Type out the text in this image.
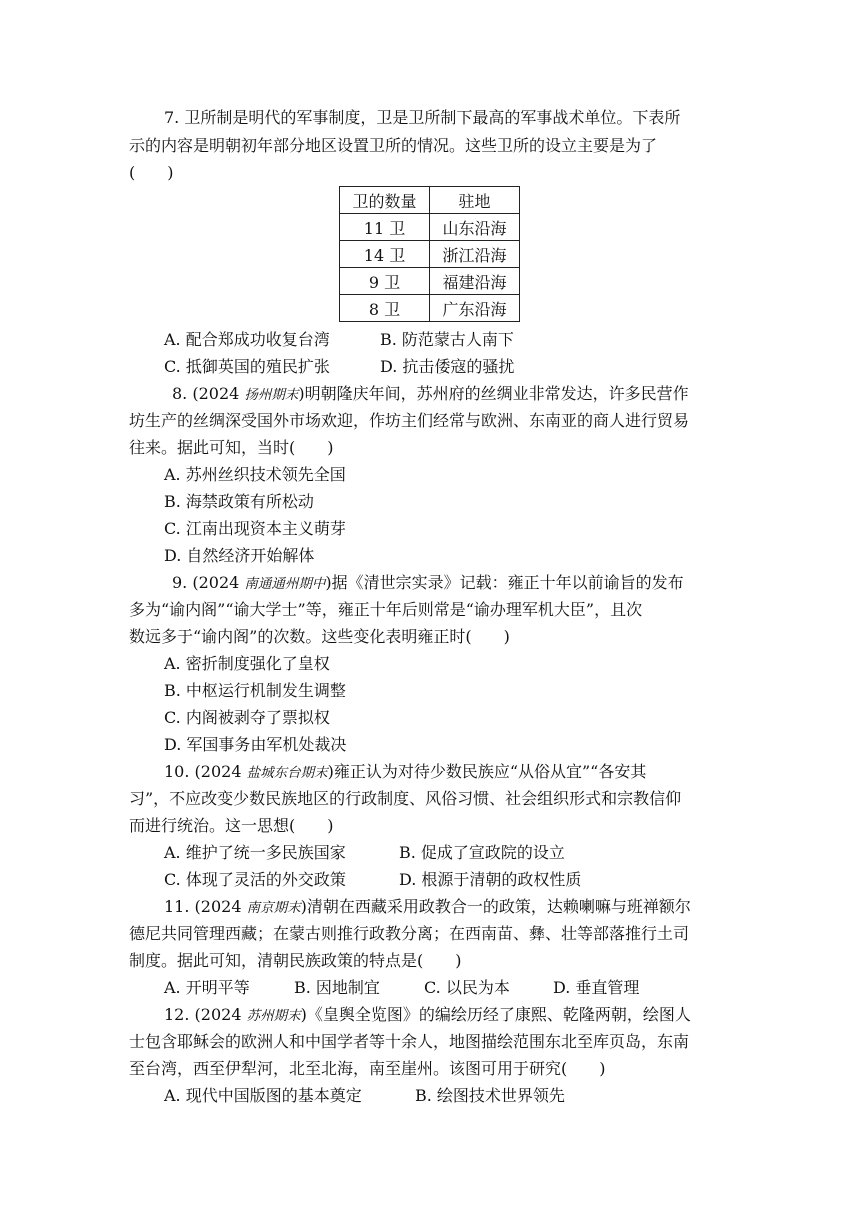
7. 卫所制是明代的军事制度，卫是卫所制下最高的军事战术单位。下表所
示的内容是明朝初年部分地区设置卫所的情况。这些卫所的设立主要是为了
(　　)
卫的数量	驻地
11 卫	山东沿海
14 卫	浙江沿海
9 卫	福建沿海
8 卫	广东沿海
A. 配合郑成功收复台湾	B. 防范蒙古人南下
C. 抵御英国的殖民扩张	D. 抗击倭寇的骚扰
8. (2024 扬州期末)明朝隆庆年间，苏州府的丝绸业非常发达，许多民营作
坊生产的丝绸深受国外市场欢迎，作坊主们经常与欧洲、东南亚的商人进行贸易
往来。据此可知，当时(　　)
A. 苏州丝织技术领先全国
B. 海禁政策有所松动
C. 江南出现资本主义萌芽
D. 自然经济开始解体
9. (2024 南通通州期中)据《清世宗实录》记载：雍正十年以前谕旨的发布
多为“谕内阁”“谕大学士”等，雍正十年后则常是“谕办理军机大臣”，且次
数远多于“谕内阁”的次数。这些变化表明雍正时(　　)
A. 密折制度强化了皇权
B. 中枢运行机制发生调整
C. 内阁被剥夺了票拟权
D. 军国事务由军机处裁决
10. (2024 盐城东台期末)雍正认为对待少数民族应“从俗从宜”“各安其
习”，不应改变少数民族地区的行政制度、风俗习惯、社会组织形式和宗教信仰
而进行统治。这一思想(　　)
A. 维护了统一多民族国家	B. 促成了宣政院的设立
C. 体现了灵活的外交政策	D. 根源于清朝的政权性质
11. (2024 南京期末)清朝在西藏采用政教合一的政策，达赖喇嘛与班禅额尔
德尼共同管理西藏；在蒙古则推行政教分离；在西南苗、彝、壮等部落推行土司
制度。据此可知，清朝民族政策的特点是(　　)
A. 开明平等	B. 因地制宜	C. 以民为本	D. 垂直管理
12. (2024 苏州期末)《皇舆全览图》的编绘历经了康熙、乾隆两朝，绘图人
士包含耶稣会的欧洲人和中国学者等十余人，地图描绘范围东北至库页岛，东南
至台湾，西至伊犁河，北至北海，南至崖州。该图可用于研究(　　)
A. 现代中国版图的基本奠定	B. 绘图技术世界领先
